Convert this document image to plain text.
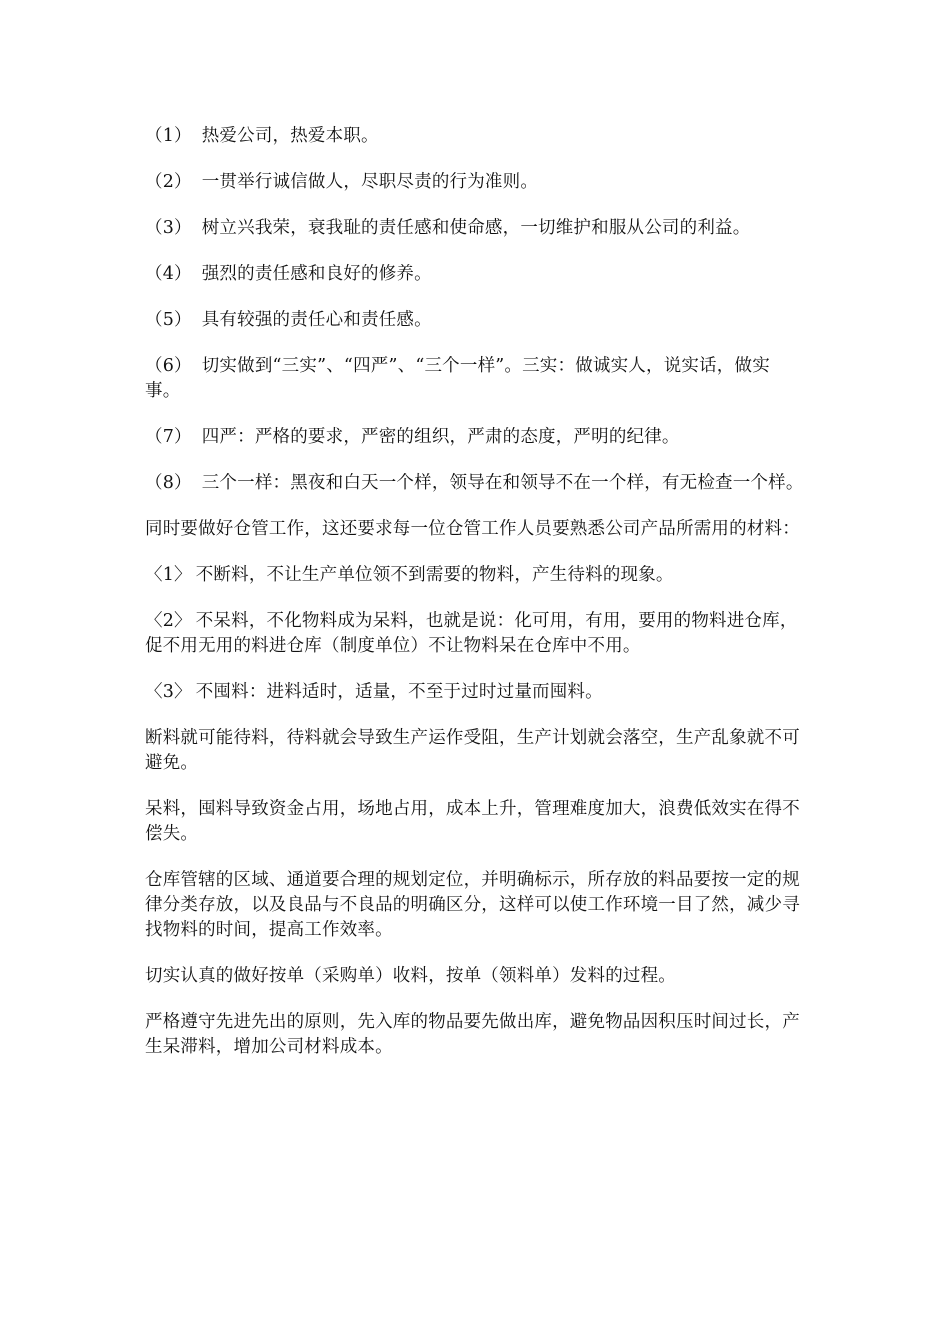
（1） 热爱公司，热爱本职。

（2） 一贯举行诚信做人，尽职尽责的行为准则。

（3） 树立兴我荣，衰我耻的责任感和使命感，一切维护和服从公司的利益。

（4） 强烈的责任感和良好的修养。

（5） 具有较强的责任心和责任感。

（6） 切实做到“三实”、“四严”、“三个一样”。三实：做诚实人，说实话，做实事。

（7） 四严：严格的要求，严密的组织，严肃的态度，严明的纪律。

（8） 三个一样：黑夜和白天一个样，领导在和领导不在一个样，有无检查一个样。

同时要做好仓管工作，这还要求每一位仓管工作人员要熟悉公司产品所需用的材料：

〈1〉 不断料，不让生产单位领不到需要的物料，产生待料的现象。

〈2〉 不呆料，不化物料成为呆料，也就是说：化可用，有用，要用的物料进仓库，促不用无用的料进仓库（制度单位）不让物料呆在仓库中不用。

〈3〉 不囤料：进料适时，适量，不至于过时过量而囤料。

断料就可能待料，待料就会导致生产运作受阻，生产计划就会落空，生产乱象就不可避免。

呆料，囤料导致资金占用，场地占用，成本上升，管理难度加大，浪费低效实在得不偿失。

仓库管辖的区域、通道要合理的规划定位，并明确标示，所存放的料品要按一定的规律分类存放，以及良品与不良品的明确区分，这样可以使工作环境一目了然，减少寻找物料的时间，提高工作效率。

切实认真的做好按单（采购单）收料，按单（领料单）发料的过程。

严格遵守先进先出的原则，先入库的物品要先做出库，避免物品因积压时间过长，产生呆滞料，增加公司材料成本。
